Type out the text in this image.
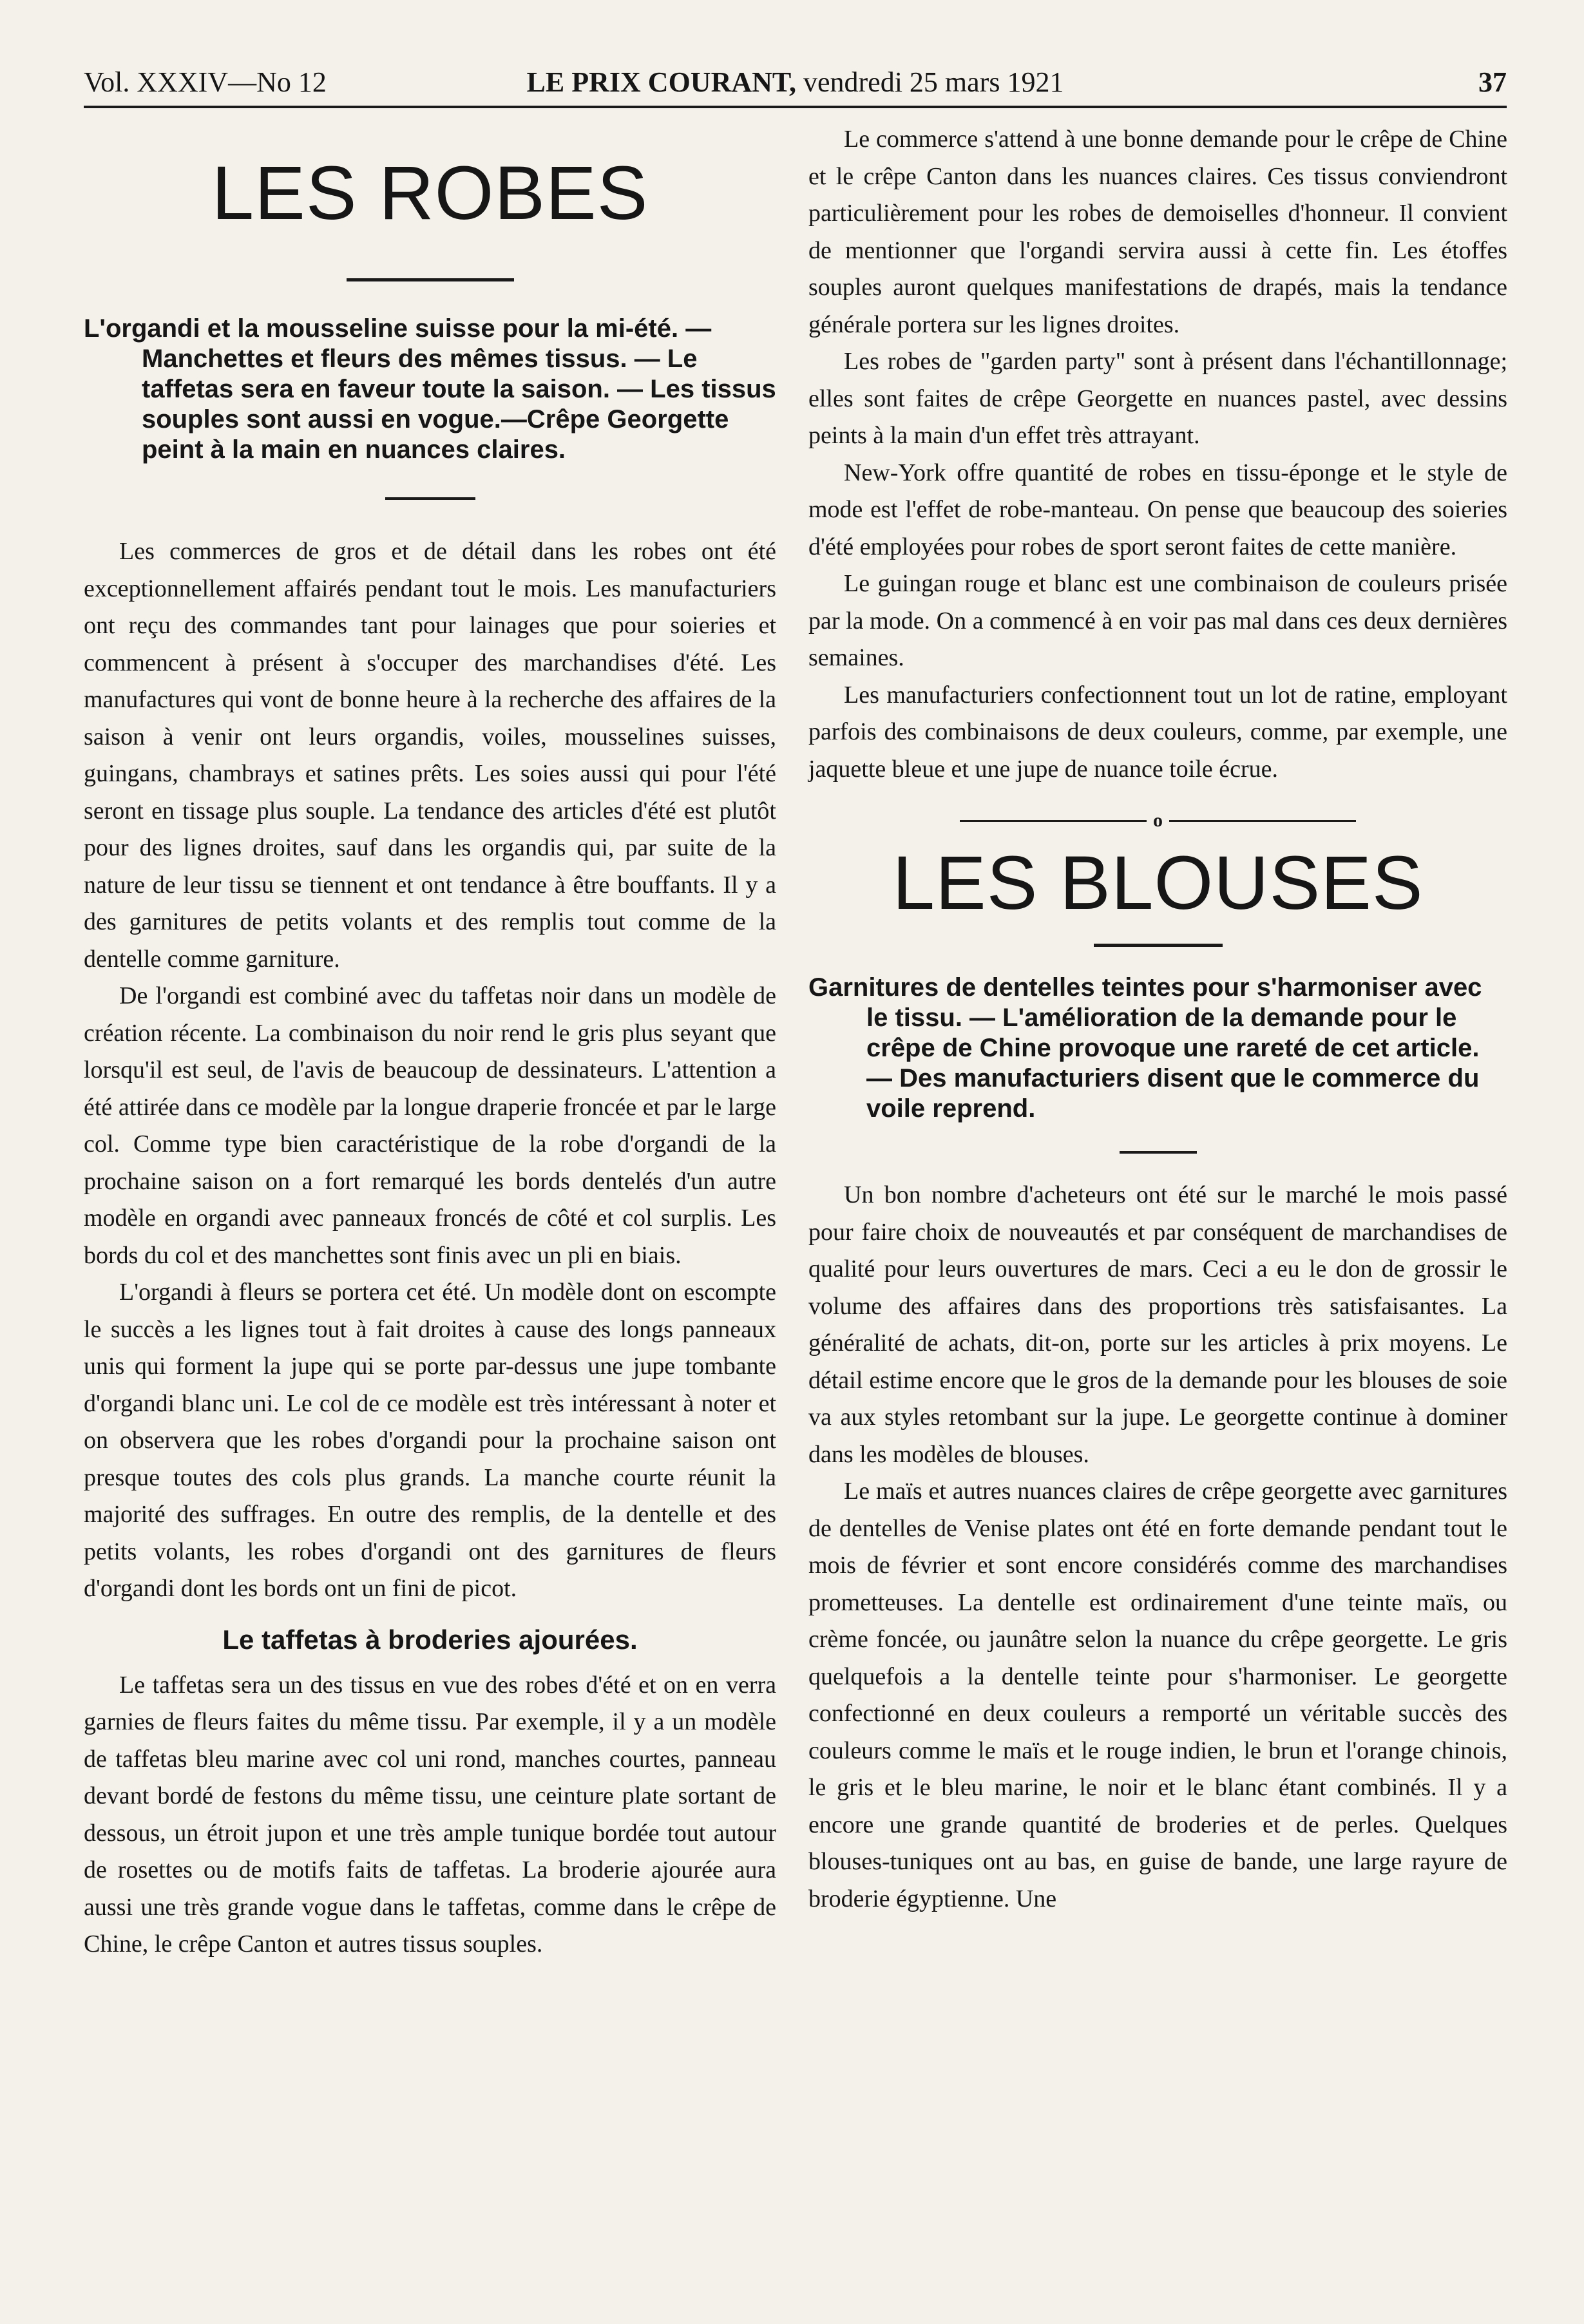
Vol. XXXIV—No 12	LE PRIX COURANT, vendredi 25 mars 1921	37
LES ROBES

L'organdi et la mousseline suisse pour la mi-été. — Manchettes et fleurs des mêmes tissus. — Le taffetas sera en faveur toute la saison. — Les tissus souples sont aussi en vogue.—Crêpe Georgette peint à la main en nuances claires.

Les commerces de gros et de détail dans les robes ont été exceptionnellement affairés pendant tout le mois. Les manufacturiers ont reçu des commandes tant pour lainages que pour soieries et commencent à présent à s'occuper des marchandises d'été. Les manufactures qui vont de bonne heure à la recherche des affaires de la saison à venir ont leurs organdis, voiles, mousselines suisses, guingans, chambrays et satines prêts. Les soies aussi qui pour l'été seront en tissage plus souple. La tendance des articles d'été est plutôt pour des lignes droites, sauf dans les organdis qui, par suite de la nature de leur tissu se tiennent et ont tendance à être bouffants. Il y a des garnitures de petits volants et des remplis tout comme de la dentelle comme garniture.

De l'organdi est combiné avec du taffetas noir dans un modèle de création récente. La combinaison du noir rend le gris plus seyant que lorsqu'il est seul, de l'avis de beaucoup de dessinateurs. L'attention a été attirée dans ce modèle par la longue draperie froncée et par le large col. Comme type bien caractéristique de la robe d'organdi de la prochaine saison on a fort remarqué les bords dentelés d'un autre modèle en organdi avec panneaux froncés de côté et col surplis. Les bords du col et des manchettes sont finis avec un pli en biais.

L'organdi à fleurs se portera cet été. Un modèle dont on escompte le succès a les lignes tout à fait droites à cause des longs panneaux unis qui forment la jupe qui se porte par-dessus une jupe tombante d'organdi blanc uni. Le col de ce modèle est très intéressant à noter et on observera que les robes d'organdi pour la prochaine saison ont presque toutes des cols plus grands. La manche courte réunit la majorité des suffrages. En outre des remplis, de la dentelle et des petits volants, les robes d'organdi ont des garnitures de fleurs d'organdi dont les bords ont un fini de picot.

Le taffetas à broderies ajourées.

Le taffetas sera un des tissus en vue des robes d'été et on en verra garnies de fleurs faites du même tissu. Par exemple, il y a un modèle de taffetas bleu marine avec col uni rond, manches courtes, panneau devant bordé de festons du même tissu, une ceinture plate sortant de dessous, un étroit jupon et une très ample tunique bordée tout autour de rosettes ou de motifs faits de taffetas. La broderie ajourée aura aussi une très grande vogue dans le taffetas, comme dans le crêpe de Chine, le crêpe Canton et autres tissus souples.

Le commerce s'attend à une bonne demande pour le crêpe de Chine et le crêpe Canton dans les nuances claires. Ces tissus conviendront particulièrement pour les robes de demoiselles d'honneur. Il convient de mentionner que l'organdi servira aussi à cette fin. Les étoffes souples auront quelques manifestations de drapés, mais la tendance générale portera sur les lignes droites.

Les robes de "garden party" sont à présent dans l'échantillonnage; elles sont faites de crêpe Georgette en nuances pastel, avec dessins peints à la main d'un effet très attrayant.

New-York offre quantité de robes en tissu-éponge et le style de mode est l'effet de robe-manteau. On pense que beaucoup des soieries d'été employées pour robes de sport seront faites de cette manière.

Le guingan rouge et blanc est une combinaison de couleurs prisée par la mode. On a commencé à en voir pas mal dans ces deux dernières semaines.

Les manufacturiers confectionnent tout un lot de ratine, employant parfois des combinaisons de deux couleurs, comme, par exemple, une jaquette bleue et une jupe de nuance toile écrue.

o
LES BLOUSES

Garnitures de dentelles teintes pour s'harmoniser avec le tissu. — L'amélioration de la demande pour le crêpe de Chine provoque une rareté de cet article. — Des manufacturiers disent que le commerce du voile reprend.

Un bon nombre d'acheteurs ont été sur le marché le mois passé pour faire choix de nouveautés et par conséquent de marchandises de qualité pour leurs ouvertures de mars. Ceci a eu le don de grossir le volume des affaires dans des proportions très satisfaisantes. La généralité de achats, dit-on, porte sur les articles à prix moyens. Le détail estime encore que le gros de la demande pour les blouses de soie va aux styles retombant sur la jupe. Le georgette continue à dominer dans les modèles de blouses.

Le maïs et autres nuances claires de crêpe georgette avec garnitures de dentelles de Venise plates ont été en forte demande pendant tout le mois de février et sont encore considérés comme des marchandises prometteuses. La dentelle est ordinairement d'une teinte maïs, ou crème foncée, ou jaunâtre selon la nuance du crêpe georgette. Le gris quelquefois a la dentelle teinte pour s'harmoniser. Le georgette confectionné en deux couleurs a remporté un véritable succès des couleurs comme le maïs et le rouge indien, le brun et l'orange chinois, le gris et le bleu marine, le noir et le blanc étant combinés. Il y a encore une grande quantité de broderies et de perles. Quelques blouses-tuniques ont au bas, en guise de bande, une large rayure de broderie égyptienne. Une
